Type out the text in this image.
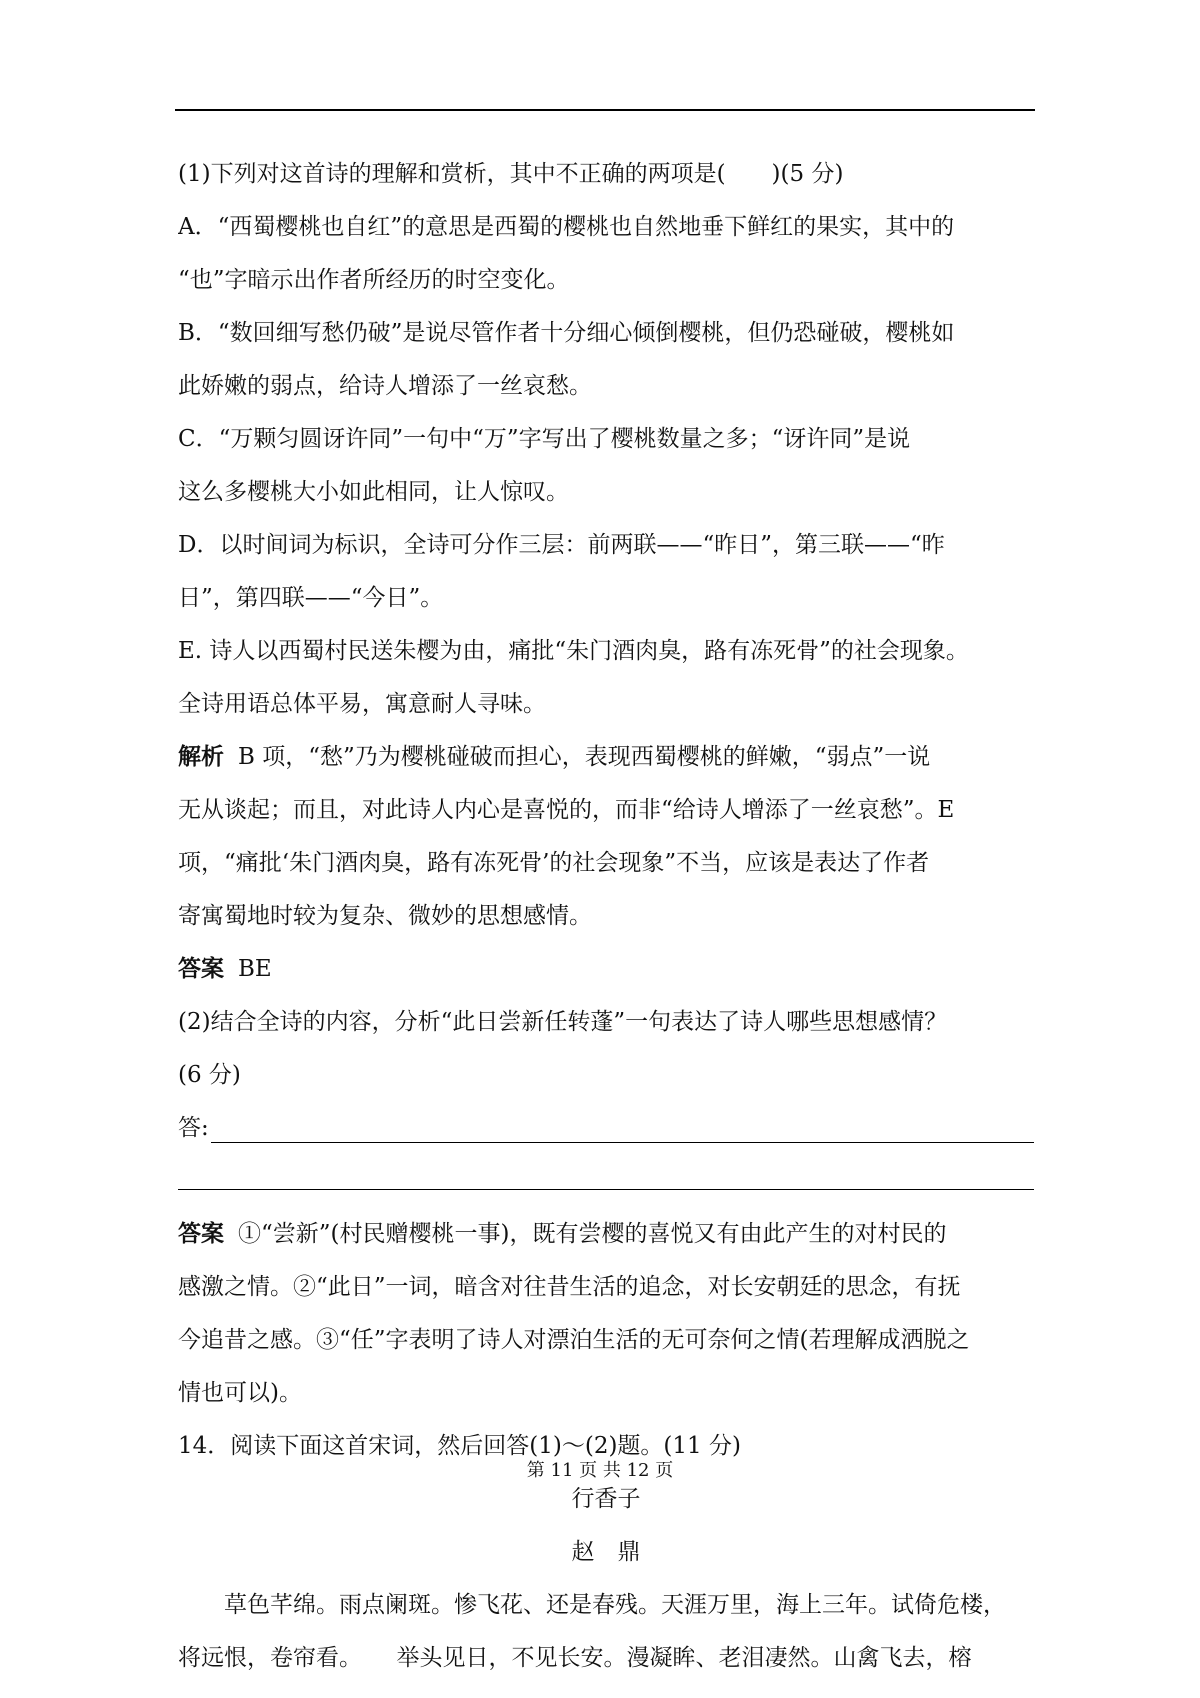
(1)下列对这首诗的理解和赏析，其中不正确的两项是(　　)(5 分)
A．“西蜀樱桃也自红”的意思是西蜀的樱桃也自然地垂下鲜红的果实，其中的
“也”字暗示出作者所经历的时空变化。
B．“数回细写愁仍破”是说尽管作者十分细心倾倒樱桃，但仍恐碰破，樱桃如
此娇嫩的弱点，给诗人增添了一丝哀愁。
C．“万颗匀圆讶许同”一句中“万”字写出了樱桃数量之多；“讶许同”是说
这么多樱桃大小如此相同，让人惊叹。
D．以时间词为标识，全诗可分作三层：前两联——“昨日”，第三联——“昨
日”，第四联——“今日”。
E. 诗人以西蜀村民送朱樱为由，痛批“朱门酒肉臭，路有冻死骨”的社会现象。
全诗用语总体平易，寓意耐人寻味。
解析 B 项，“愁”乃为樱桃碰破而担心，表现西蜀樱桃的鲜嫩，“弱点”一说
无从谈起；而且，对此诗人内心是喜悦的，而非“给诗人增添了一丝哀愁”。E
项，“痛批‘朱门酒肉臭，路有冻死骨’的社会现象”不当，应该是表达了作者
寄寓蜀地时较为复杂、微妙的思想感情。
答案 BE
(2)结合全诗的内容，分析“此日尝新任转蓬”一句表达了诗人哪些思想感情？
(6 分)
答:
答案 ①“尝新”(村民赠樱桃一事)，既有尝樱的喜悦又有由此产生的对村民的
感激之情。②“此日”一词，暗含对往昔生活的追念，对长安朝廷的思念，有抚
今追昔之感。③“任”字表明了诗人对漂泊生活的无可奈何之情(若理解成洒脱之
情也可以)。
14．阅读下面这首宋词，然后回答(1)～(2)题。(11 分)
行香子
赵　鼎
草色芊绵。雨点阑斑。惨飞花、还是春残。天涯万里，海上三年。试倚危楼，
将远恨，卷帘看。　　举头见日，不见长安。漫凝眸、老泪凄然。山禽飞去，榕
第 11 页 共 12 页
